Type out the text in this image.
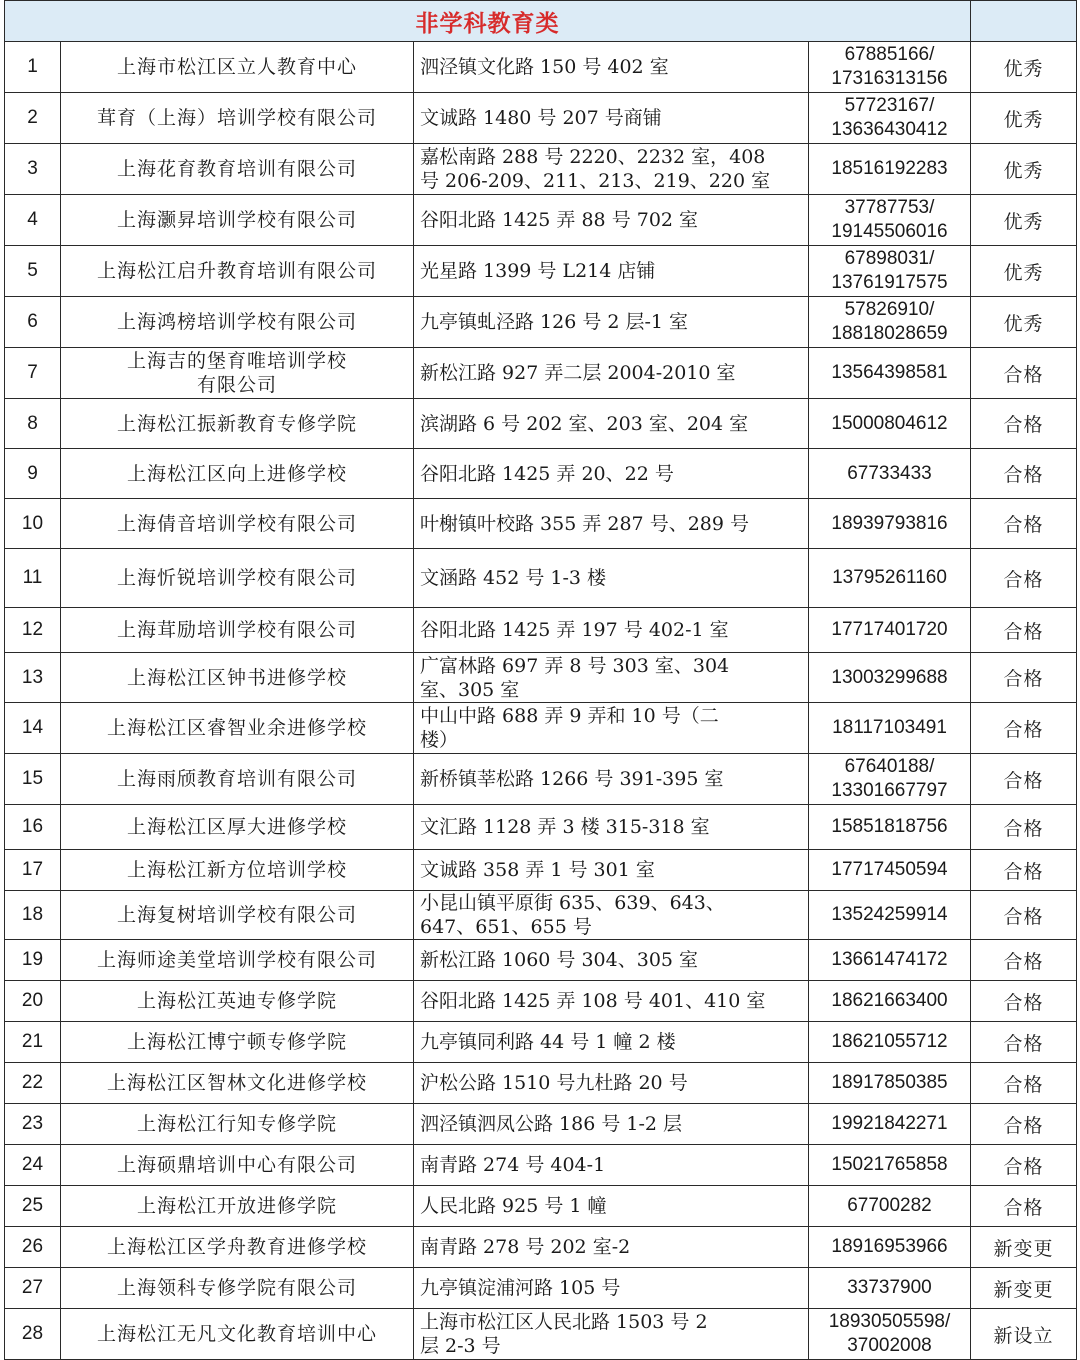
非学科教育类				
1	上海市松江区立人教育中心	泗泾镇文化路 150 号 402 室	67885166/
17316313156	优秀
2	茸育（上海）培训学校有限公司	文诚路 1480 号 207 号商铺	57723167/
13636430412	优秀
3	上海花育教育培训有限公司	嘉松南路 288 号 2220、2232 室，408
号 206-209、211、213、219、220 室	18516192283	优秀
4	上海灏昇培训学校有限公司	谷阳北路 1425 弄 88 号 702 室	37787753/
19145506016	优秀
5	上海松江启升教育培训有限公司	光星路 1399 号 L214 店铺	67898031/
13761917575	优秀
6	上海鸿榜培训学校有限公司	九亭镇虬泾路 126 号 2 层-1 室	57826910/
18818028659	优秀
7	上海吉的堡育唯培训学校
有限公司	新松江路 927 弄二层 2004-2010 室	13564398581	合格
8	上海松江振新教育专修学院	滨湖路 6 号 202 室、203 室、204 室	15000804612	合格
9	上海松江区向上进修学校	谷阳北路 1425 弄 20、22 号	67733433	合格
10	上海倩音培训学校有限公司	叶榭镇叶校路 355 弄 287 号、289 号	18939793816	合格
11	上海忻锐培训学校有限公司	文涵路 452 号 1-3 楼	13795261160	合格
12	上海茸励培训学校有限公司	谷阳北路 1425 弄 197 号 402-1 室	17717401720	合格
13	上海松江区钟书进修学校	广富林路 697 弄 8 号 303 室、304
室、305 室	13003299688	合格
14	上海松江区睿智业余进修学校	中山中路 688 弄 9 弄和 10 号（二
楼）	18117103491	合格
15	上海雨颀教育培训有限公司	新桥镇莘松路 1266 号 391-395 室	67640188/
13301667797	合格
16	上海松江区厚大进修学校	文汇路 1128 弄 3 楼 315-318 室	15851818756	合格
17	上海松江新方位培训学校	文诚路 358 弄 1 号 301 室	17717450594	合格
18	上海复树培训学校有限公司	小昆山镇平原街 635、639、643、
647、651、655 号	13524259914	合格
19	上海师途美堂培训学校有限公司	新松江路 1060 号 304、305 室	13661474172	合格
20	上海松江英迪专修学院	谷阳北路 1425 弄 108 号 401、410 室	18621663400	合格
21	上海松江博宁顿专修学院	九亭镇同利路 44 号 1 幢 2 楼	18621055712	合格
22	上海松江区智林文化进修学校	沪松公路 1510 号九杜路 20 号	18917850385	合格
23	上海松江行知专修学院	泗泾镇泗凤公路 186 号 1-2 层	19921842271	合格
24	上海硕鼎培训中心有限公司	南青路 274 号 404-1	15021765858	合格
25	上海松江开放进修学院	人民北路 925 号 1 幢	67700282	合格
26	上海松江区学舟教育进修学校	南青路 278 号 202 室-2	18916953966	新变更
27	上海领科专修学院有限公司	九亭镇淀浦河路 105 号	33737900	新变更
28	上海松江无凡文化教育培训中心	上海市松江区人民北路 1503 号 2
层 2-3 号	18930505598/
37002008	新设立
